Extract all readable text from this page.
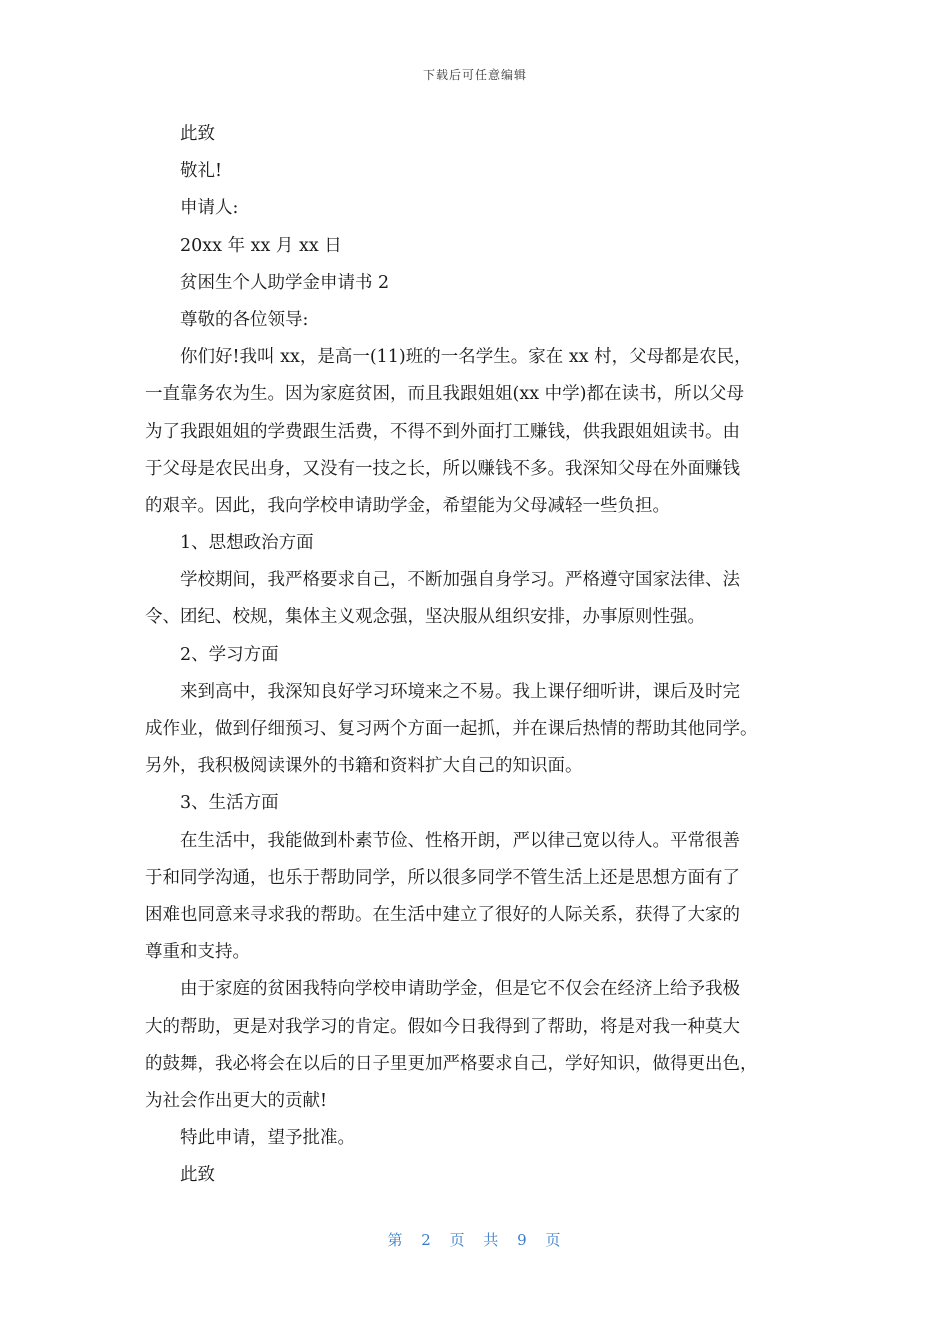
下载后可任意编辑
此致
敬礼!
申请人:
20xx 年 xx 月 xx 日
贫困生个人助学金申请书 2
尊敬的各位领导:
你们好!我叫 xx，是高一(11)班的一名学生。家在 xx 村，父母都是农民，
一直靠务农为生。因为家庭贫困，而且我跟姐姐(xx 中学)都在读书，所以父母
为了我跟姐姐的学费跟生活费，不得不到外面打工赚钱，供我跟姐姐读书。由
于父母是农民出身，又没有一技之长，所以赚钱不多。我深知父母在外面赚钱
的艰辛。因此，我向学校申请助学金，希望能为父母减轻一些负担。
1、思想政治方面
学校期间，我严格要求自己，不断加强自身学习。严格遵守国家法律、法
令、团纪、校规，集体主义观念强，坚决服从组织安排，办事原则性强。
2、学习方面
来到高中，我深知良好学习环境来之不易。我上课仔细听讲，课后及时完
成作业，做到仔细预习、复习两个方面一起抓，并在课后热情的帮助其他同学。
另外，我积极阅读课外的书籍和资料扩大自己的知识面。
3、生活方面
在生活中，我能做到朴素节俭、性格开朗，严以律己宽以待人。平常很善
于和同学沟通，也乐于帮助同学，所以很多同学不管生活上还是思想方面有了
困难也同意来寻求我的帮助。在生活中建立了很好的人际关系，获得了大家的
尊重和支持。
由于家庭的贫困我特向学校申请助学金，但是它不仅会在经济上给予我极
大的帮助，更是对我学习的肯定。假如今日我得到了帮助，将是对我一种莫大
的鼓舞，我必将会在以后的日子里更加严格要求自己，学好知识，做得更出色，
为社会作出更大的贡献!
特此申请，望予批准。
此致
第 2 页 共 9 页
